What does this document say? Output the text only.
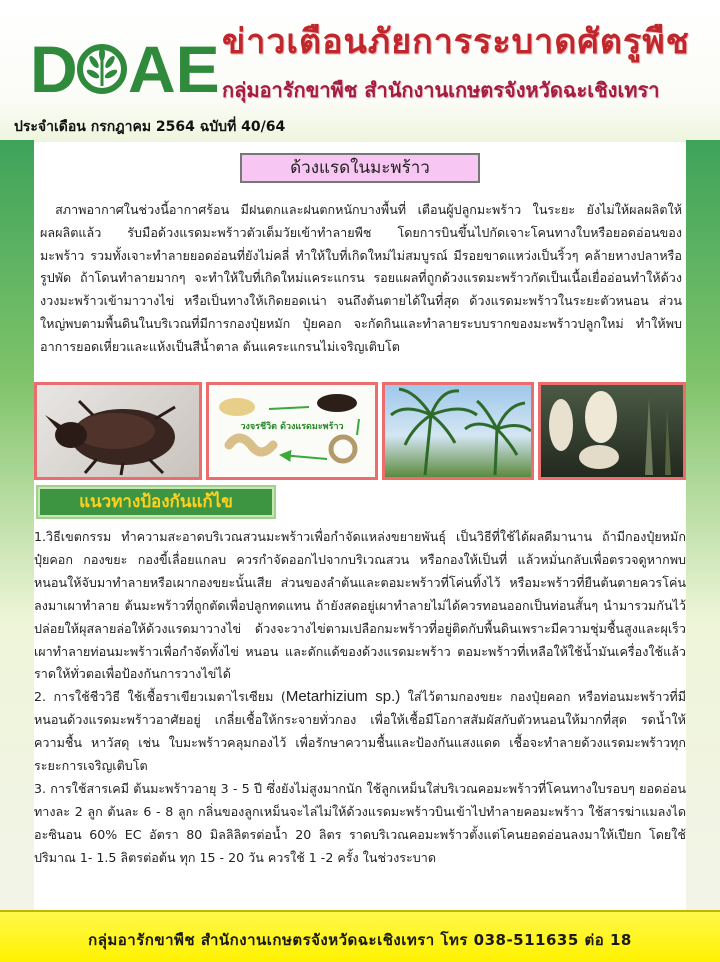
D AE ข่าวเตือนภัยการระบาดศัตรูพืช
กลุ่มอารักขาพืช สำนักงานเกษตรจังหวัดฉะเชิงเทรา
ประจำเดือน กรกฎาคม 2564 ฉบับที่ 40/64
ด้วงแรดในมะพร้าว

สภาพอากาศในช่วงนี้อากาศร้อน มีฝนตกและฝนตกหนักบางพื้นที่ เตือนผู้ปลูกมะพร้าว ในระยะ ยังไม่ให้ผลผลิตให้ผลผลิตแล้ว รับมือด้วงแรดมะพร้าวตัวเต็มวัยเข้าทำลายพืช โดยการบินขึ้นไปกัดเจาะโคนทางใบหรือยอดอ่อนของมะพร้าว รวมทั้งเจาะทำลายยอดอ่อนที่ยังไม่คลี่ ทำให้ใบที่เกิดใหม่ไม่สมบูรณ์ มีรอยขาดแหว่งเป็นริ้วๆ คล้ายหางปลาหรือรูปพัด ถ้าโดนทำลายมากๆ จะทำให้ใบที่เกิดใหม่แคระแกรน รอยแผลที่ถูกด้วงแรดมะพร้าวกัดเป็นเนื้อเยื่ออ่อนทำให้ด้วงงวงมะพร้าวเข้ามาวางไข่ หรือเป็นทางให้เกิดยอดเน่า จนถึงต้นตายได้ในที่สุด ด้วงแรดมะพร้าวในระยะตัวหนอน ส่วนใหญ่พบตามพื้นดินในบริเวณที่มีการกองปุ๋ยหมัก ปุ๋ยคอก จะกัดกินและทำลายระบบรากของมะพร้าวปลูกใหม่ ทำให้พบอาการยอดเหี่ยวและแห้งเป็นสีน้ำตาล ต้นแคระแกรนไม่เจริญเติบโต

วงจรชีวิต ด้วงแรดมะพร้าว
แนวทางป้องกันแก้ไข

1.วิธีเขตกรรม ทำความสะอาดบริเวณสวนมะพร้าวเพื่อกำจัดแหล่งขยายพันธุ์ เป็นวิธีที่ใช้ได้ผลดีมานาน ถ้ามีกองปุ๋ยหมัก ปุ๋ยคอก กองขยะ กองขี้เลื่อยแกลบ ควรกำจัดออกไปจากบริเวณสวน หรือกองให้เป็นที่ แล้วหมั่นกลับเพื่อตรวจดูหากพบหนอนให้จับมาทำลายหรือเผากองขยะนั้นเสีย ส่วนของลำต้นและตอมะพร้าวที่โค่นทิ้งไว้ หรือมะพร้าวที่ยืนต้นตายควรโค่นลงมาเผาทำลาย ต้นมะพร้าวที่ถูกตัดเพื่อปลูกทดแทน ถ้ายังสดอยู่เผาทำลายไม่ได้ควรทอนออกเป็นท่อนสั้นๆ นำมารวมกันไว้ ปล่อยให้ผุสลายล่อให้ด้วงแรดมาวางไข่ ด้วงจะวางไข่ตามเปลือกมะพร้าวที่อยู่ติดกับพื้นดินเพราะมีความชุ่มชื้นสูงและผุเร็ว เผาทำลายท่อนมะพร้าวเพื่อกำจัดทั้งไข่ หนอน และดักแด้ของด้วงแรดมะพร้าว ตอมะพร้าวที่เหลือให้ใช้น้ำมันเครื่องใช้แล้วราดให้ทั่วตอเพื่อป้องกันการวางไข่ได้

2. การใช้ชีววิธี ใช้เชื้อราเขียวเมตาไรเซียม (Metarhizium sp.) ใส่ไว้ตามกองขยะ กองปุ๋ยคอก หรือท่อนมะพร้าวที่มีหนอนด้วงแรดมะพร้าวอาศัยอยู่ เกลี่ยเชื้อให้กระจายทั่วกอง เพื่อให้เชื้อมีโอกาสสัมผัสกับตัวหนอนให้มากที่สุด รดน้ำให้ความชื้น หาวัสดุ เช่น ใบมะพร้าวคลุมกองไว้ เพื่อรักษาความชื้นและป้องกันแสงแดด เชื้อจะทำลายด้วงแรดมะพร้าวทุกระยะการเจริญเติบโต

3. การใช้สารเคมี ต้นมะพร้าวอายุ 3 - 5 ปี ซึ่งยังไม่สูงมากนัก ใช้ลูกเหม็นใส่บริเวณคอมะพร้าวที่โคนทางใบรอบๆ ยอดอ่อน ทางละ 2 ลูก ต้นละ 6 - 8 ลูก กลิ่นของลูกเหม็นจะไล่ไม่ให้ด้วงแรดมะพร้าวบินเข้าไปทำลายคอมะพร้าว ใช้สารฆ่าแมลงไดอะซินอน 60% EC อัตรา 80 มิลลิลิตรต่อน้ำ 20 ลิตร ราดบริเวณคอมะพร้าวตั้งแต่โคนยอดอ่อนลงมาให้เปียก โดยใช้ปริมาณ 1- 1.5 ลิตรต่อต้น ทุก 15 - 20 วัน ควรใช้ 1 -2 ครั้ง ในช่วงระบาด

กลุ่มอารักขาพืช สำนักงานเกษตรจังหวัดฉะเชิงเทรา โทร 038-511635 ต่อ 18
